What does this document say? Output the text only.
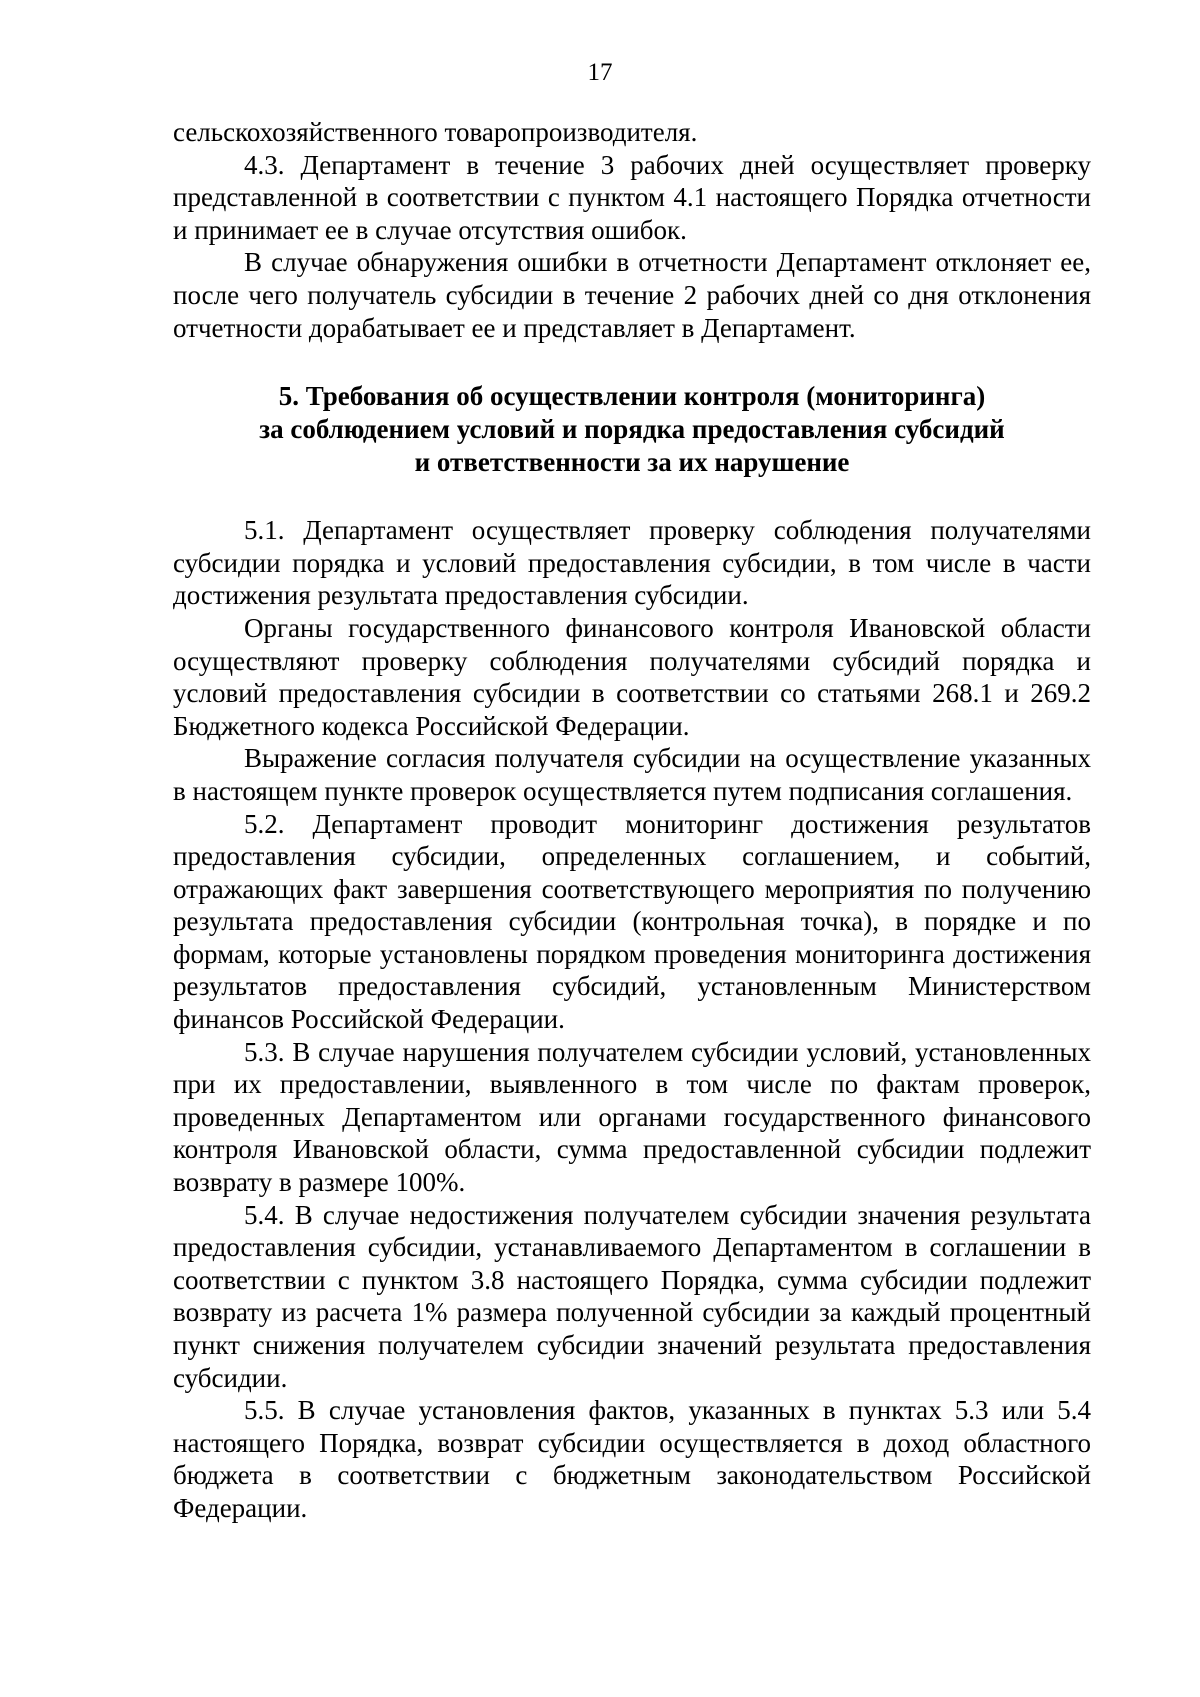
17

сельскохозяйственного товаропроизводителя.

4.3. Департамент в течение 3 рабочих дней осуществляет проверку представленной в соответствии с пунктом 4.1 настоящего Порядка отчетности и принимает ее в случае отсутствия ошибок.

В случае обнаружения ошибки в отчетности Департамент отклоняет ее, после чего получатель субсидии в течение 2 рабочих дней со дня отклонения отчетности дорабатывает ее и представляет в Департамент.

5. Требования об осуществлении контроля (мониторинга)
за соблюдением условий и порядка предоставления субсидий
и ответственности за их нарушение

5.1. Департамент осуществляет проверку соблюдения получателями субсидии порядка и условий предоставления субсидии, в том числе в части достижения результата предоставления субсидии.

Органы государственного финансового контроля Ивановской области осуществляют проверку соблюдения получателями субсидий порядка и условий предоставления субсидии в соответствии со статьями 268.1 и 269.2 Бюджетного кодекса Российской Федерации.

Выражение согласия получателя субсидии на осуществление указанных в настоящем пункте проверок осуществляется путем подписания соглашения.

5.2. Департамент проводит мониторинг достижения результатов предоставления субсидии, определенных соглашением, и событий, отражающих факт завершения соответствующего мероприятия по получению результата предоставления субсидии (контрольная точка), в порядке и по формам, которые установлены порядком проведения мониторинга достижения результатов предоставления субсидий, установленным Министерством финансов Российской Федерации.

5.3. В случае нарушения получателем субсидии условий, установленных при их предоставлении, выявленного в том числе по фактам проверок, проведенных Департаментом или органами государственного финансового контроля Ивановской области, сумма предоставленной субсидии подлежит возврату в размере 100%.

5.4. В случае недостижения получателем субсидии значения результата предоставления субсидии, устанавливаемого Департаментом в соглашении в соответствии с пунктом 3.8 настоящего Порядка, сумма субсидии подлежит возврату из расчета 1% размера полученной субсидии за каждый процентный пункт снижения получателем субсидии значений результата предоставления субсидии.

5.5. В случае установления фактов, указанных в пунктах 5.3 или 5.4 настоящего Порядка, возврат субсидии осуществляется в доход областного бюджета в соответствии с бюджетным законодательством Российской Федерации.
